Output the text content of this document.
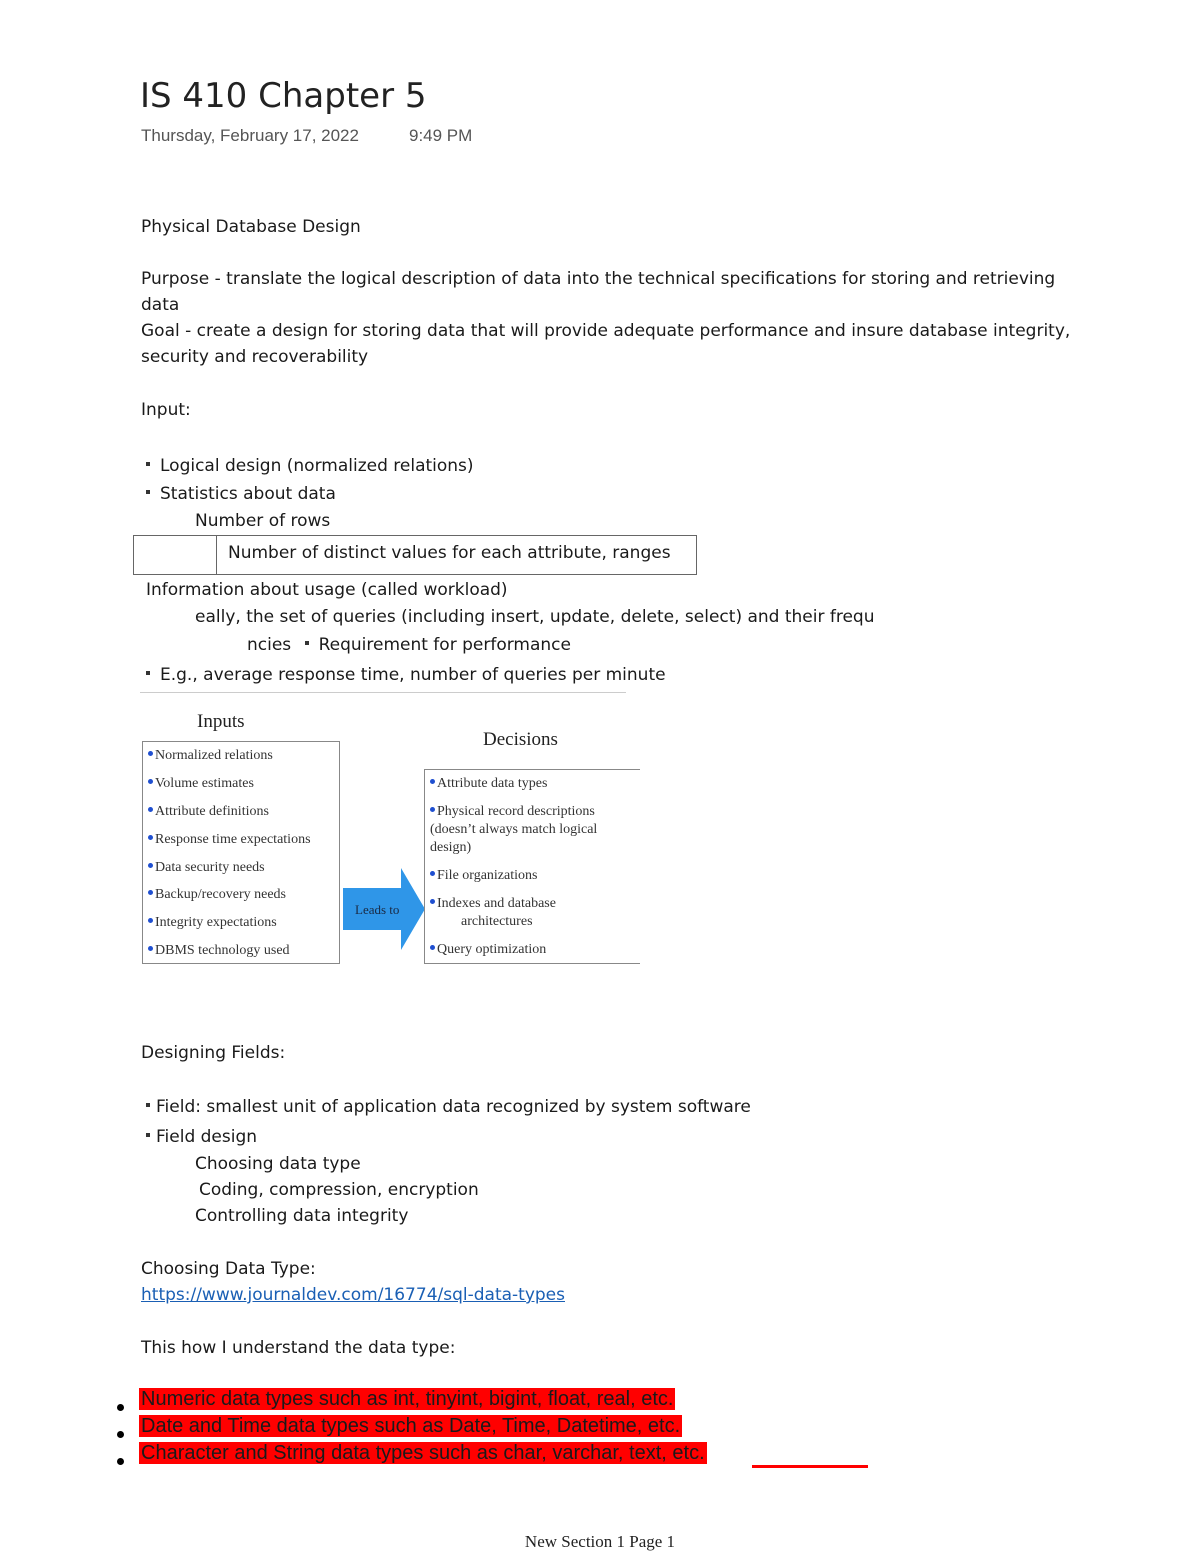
IS 410 Chapter 5
Thursday, February 17, 2022	9:49 PM
Physical Database Design
Purpose - translate the logical description of data into the technical specifications for storing and retrieving
data
Goal - create a design for storing data that will provide adequate performance and insure database integrity,
security and recoverability
Input:
Logical design (normalized relations)
Statistics about data
Number of rows
Number of distinct values for each attribute, ranges
Information about usage (called workload)
eally, the set of queries (including insert, update, delete, select) and their frequ
ncies Requirement for performance
E.g., average response time, number of queries per minute
Inputs
Decisions
Normalized relations
Volume estimates
Attribute definitions
Response time expectations
Data security needs
Backup/recovery needs
Integrity expectations
DBMS technology used
Leads to
Attribute data types
Physical record descriptions
(doesn’t always match logical
design)
File organizations
Indexes and database
architectures
Query optimization
Designing Fields:
Field: smallest unit of application data recognized by system software
Field design
Choosing data type
Coding, compression, encryption
Controlling data integrity
Choosing Data Type:
https://www.journaldev.com/16774/sql-data-types
This how I understand the data type:
Numeric data types such as int, tinyint, bigint, float, real, etc.
Date and Time data types such as Date, Time, Datetime, etc.
Character and String data types such as char, varchar, text, etc.
New Section 1 Page 1
